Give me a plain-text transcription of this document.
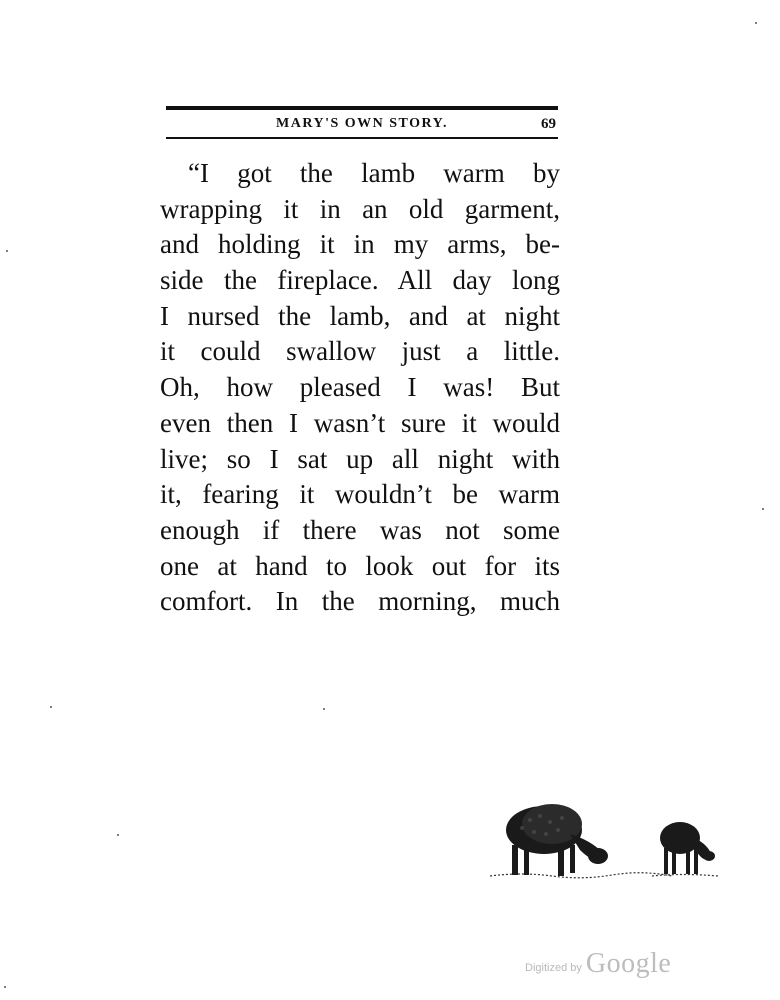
MARY'S OWN STORY.	69
“I got the lamb warm by
wrapping it in an old garment,
and holding it in my arms, be-
side the fireplace. All day long
I nursed the lamb, and at night
it could swallow just a little.
Oh, how pleased I was! But
even then I wasn’t sure it would
live; so I sat up all night with
it, fearing it wouldn’t be warm
enough if there was not some
one at hand to look out for its
comfort. In the morning, much
Digitized by Google
